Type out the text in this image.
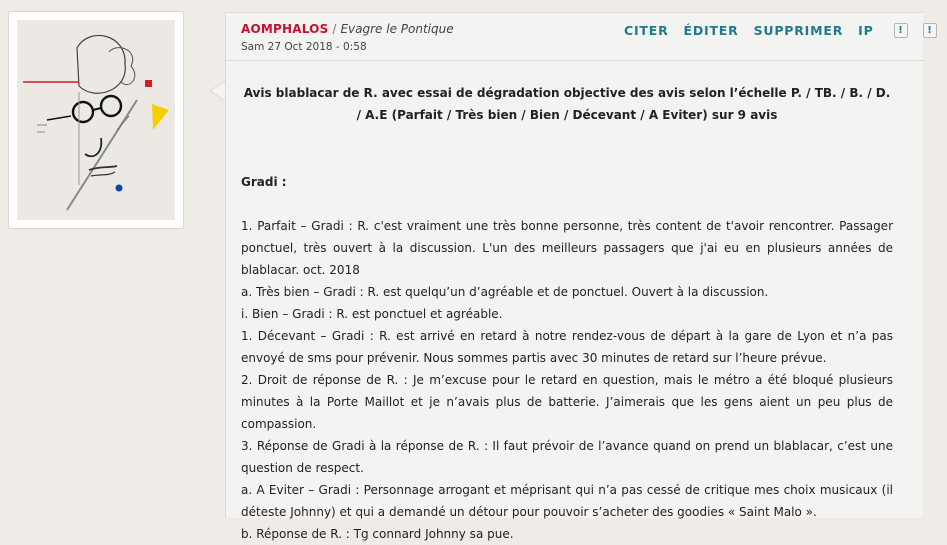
AOMPHALOS / Evagre le Pontique
Sam 27 Oct 2018 - 0:58
CITER ÉDITER SUPPRIMER IP	!	!
Avis blablacar de R. avec essai de dégradation objective des avis selon l’échelle P. / TB. / B. / D. / A.E (Parfait / Très bien / Bien / Décevant / A Eviter) sur 9 avis
Gradi :

1. Parfait – Gradi : R. c'est vraiment une très bonne personne, très content de t'avoir rencontrer. Passager ponctuel, très ouvert à la discussion. L'un des meilleurs passagers que j'ai eu en plusieurs années de blablacar. oct. 2018

a. Très bien – Gradi : R. est quelqu’un d’agréable et de ponctuel. Ouvert à la discussion.

i. Bien – Gradi : R. est ponctuel et agréable.

1. Décevant – Gradi : R. est arrivé en retard à notre rendez-vous de départ à la gare de Lyon et n’a pas envoyé de sms pour prévenir. Nous sommes partis avec 30 minutes de retard sur l’heure prévue.

2. Droit de réponse de R. : Je m’excuse pour le retard en question, mais le métro a été bloqué plusieurs minutes à la Porte Maillot et je n’avais plus de batterie. J’aimerais que les gens aient un peu plus de compassion.

3. Réponse de Gradi à la réponse de R. : Il faut prévoir de l’avance quand on prend un blablacar, c’est une question de respect.

a. A Eviter – Gradi : Personnage arrogant et méprisant qui n’a pas cessé de critique mes choix musicaux (il déteste Johnny) et qui a demandé un détour pour pouvoir s’acheter des goodies « Saint Malo ».

b. Réponse de R. : Tg connard Johnny sa pue.
